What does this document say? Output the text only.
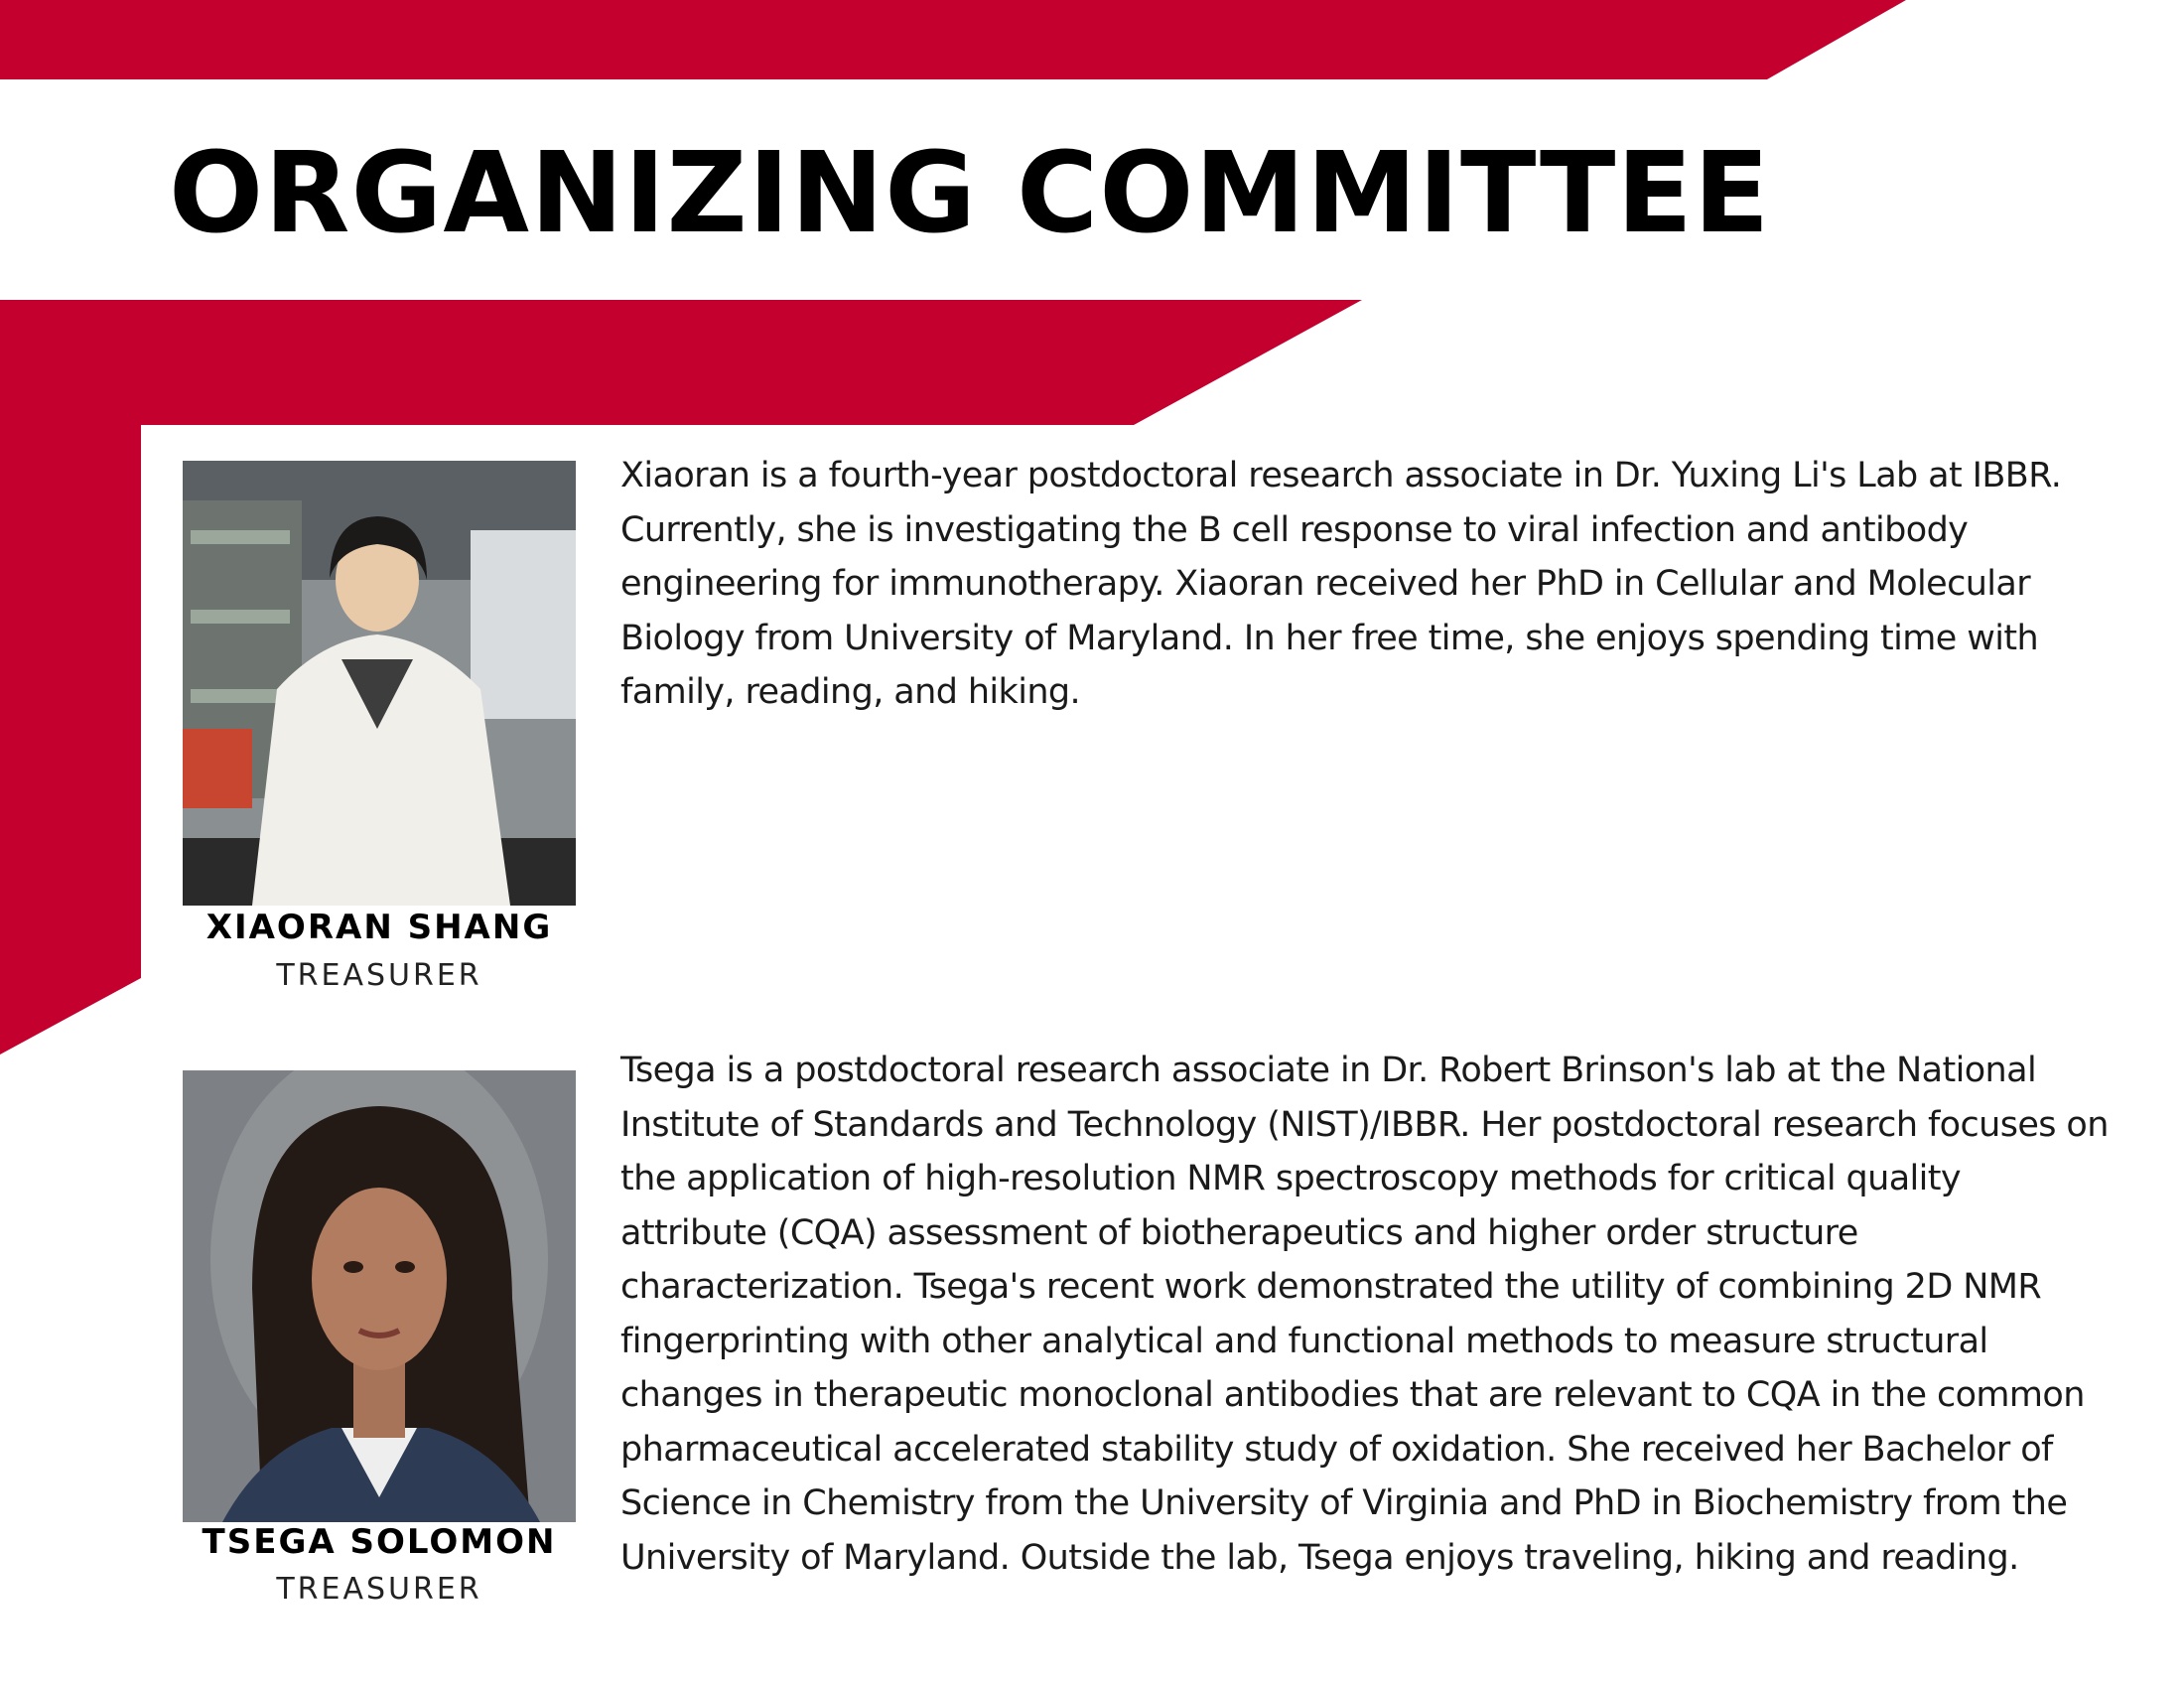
ORGANIZING COMMITTEE
XIAORAN SHANG
TREASURER

Xiaoran is a fourth-year postdoctoral research associate in Dr. Yuxing Li's Lab at IBBR. Currently, she is investigating the B cell response to viral infection and antibody engineering for immunotherapy. Xiaoran received her PhD in Cellular and Molecular Biology from University of Maryland. In her free time, she enjoys spending time with family, reading, and hiking.

TSEGA SOLOMON
TREASURER

Tsega is a postdoctoral research associate in Dr. Robert Brinson's lab at the National Institute of Standards and Technology (NIST)/IBBR. Her postdoctoral research focuses on the application of high-resolution NMR spectroscopy methods for critical quality attribute (CQA) assessment of biotherapeutics and higher order structure characterization. Tsega's recent work demonstrated the utility of combining 2D NMR fingerprinting with other analytical and functional methods to measure structural changes in therapeutic monoclonal antibodies that are relevant to CQA in the common pharmaceutical accelerated stability study of oxidation. She received her Bachelor of Science in Chemistry from the University of Virginia and PhD in Biochemistry from the University of Maryland. Outside the lab, Tsega enjoys traveling, hiking and reading.
